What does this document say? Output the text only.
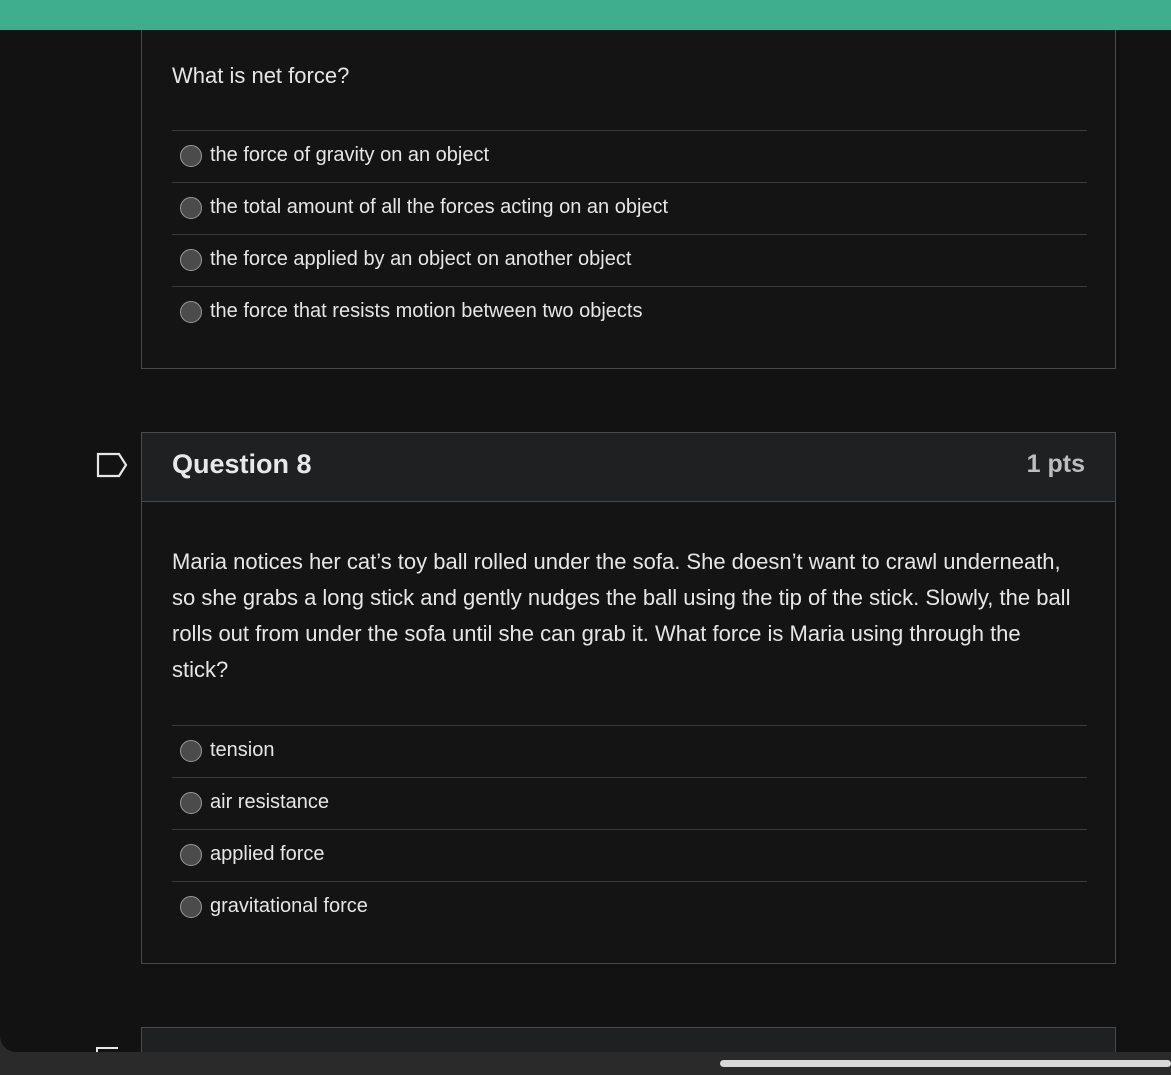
What is net force?
the force of gravity on an object
the total amount of all the forces acting on an object
the force applied by an object on another object
the force that resists motion between two objects
Question 8	1 pts
Maria notices her cat’s toy ball rolled under the sofa. She doesn’t want to crawl underneath, so she grabs a long stick and gently nudges the ball using the tip of the stick. Slowly, the ball rolls out from under the sofa until she can grab it. What force is Maria using through the stick?
tension
air resistance
applied force
gravitational force
